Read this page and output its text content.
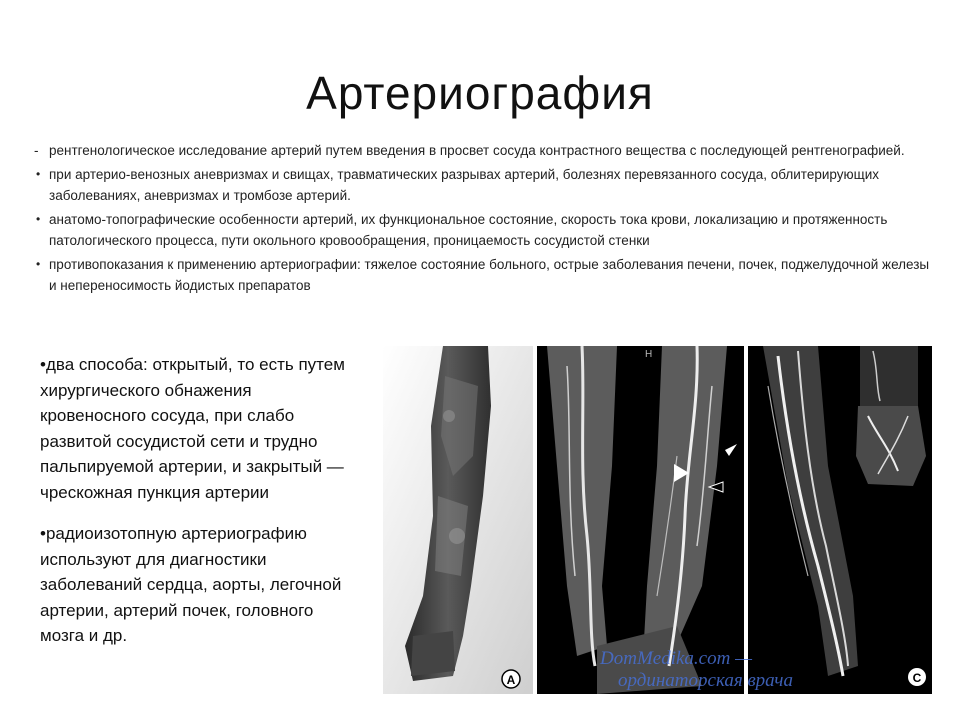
Артериография
- рентгенологическое исследование артерий путем введения в просвет сосуда контрастного вещества с последующей рентгенографией.
• при артерио-венозных аневризмах и свищах, травматических разрывах артерий, болезнях перевязанного сосуда, облитерирующих заболеваниях, аневризмах и тромбозе артерий.
• анатомо-топографические особенности артерий, их функциональное состояние, скорость тока крови, локализацию и протяженность патологического процесса, пути окольного кровообращения, проницаемость сосудистой стенки
• противопоказания к применению артериографии: тяжелое состояние больного, острые заболевания печени, почек, поджелудочной железы и непереносимость йодистых препаратов

•два способа: открытый, то есть путем хирургического обнажения кровеносного сосуда, при слабо развитой сосудистой сети и трудно пальпируемой артерии, и закрытый — чрескожная пункция артерии

•радиоизотопную артериографию используют для диагностики заболеваний сердца, аорты, легочной артерии, артерий почек, головного мозга и др.

A
H
B
C
DomMedika.com —
ординаторская врача
